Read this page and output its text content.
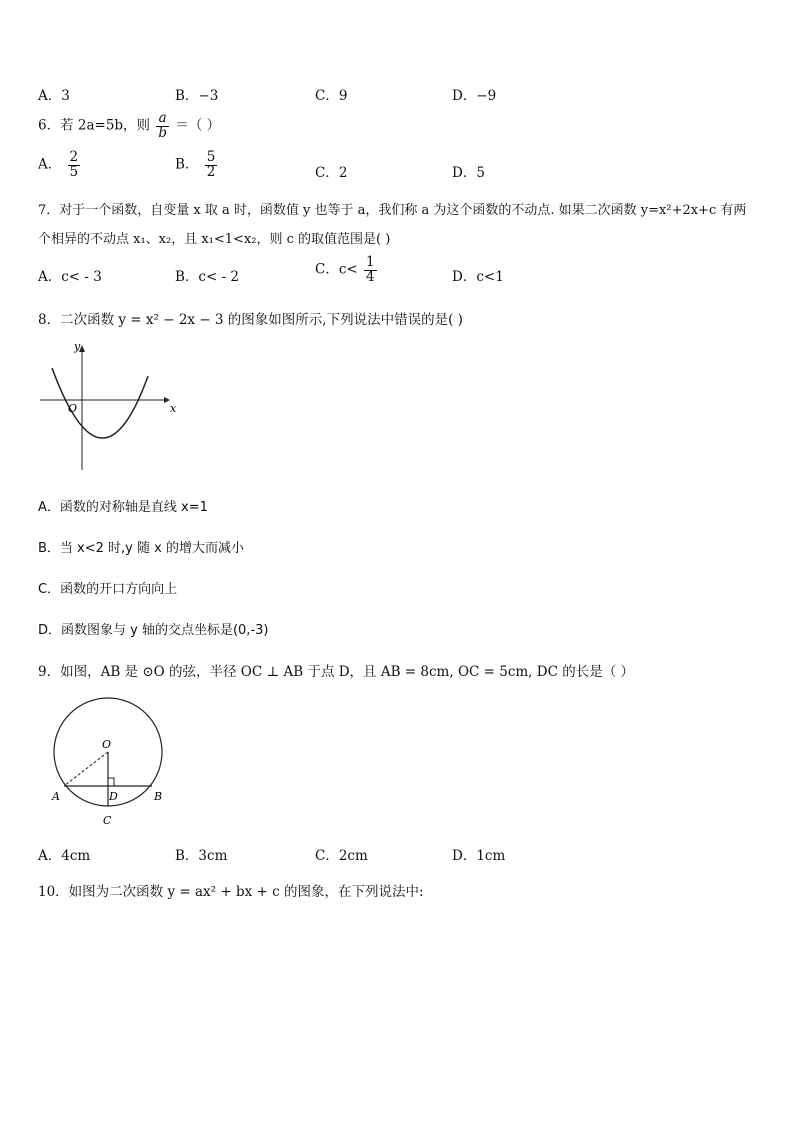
A．3	B．−3	C．9	D．−9
6．若 2a=5b，则 $\frac{a}{b}$ ＝（ ）
A． $\frac{2}{5}$	B． $\frac{5}{2}$	C．2	D．5
7．对于一个函数，自变量 x 取 a 时，函数值 y 也等于 a，我们称 a 为这个函数的不动点. 如果二次函数 y=x²+2x+c 有两
个相异的不动点 x₁、x₂，且 x₁<1<x₂，则 c 的取值范围是( )
A．c< - 3	B．c< - 2	C．$c< \frac{1}{4}$	D．c<1
8．二次函数 y = x² − 2x − 3 的图象如图所示,下列说法中错误的是( )
y
O	x
A．函数的对称轴是直线 x=1
B．当 x<2 时,y 随 x 的增大而减小
C．函数的开口方向向上
D．函数图象与 y 轴的交点坐标是(0,-3)
9．如图，AB 是 ⊙O 的弦，半径 OC ⊥ AB 于点 D，且 AB = 8cm, OC = 5cm, DC 的长是（ ）
O
A	D	B
C
A．4cm	B．3cm	C．2cm	D．1cm
10．如图为二次函数 y = ax² + bx + c 的图象，在下列说法中:
